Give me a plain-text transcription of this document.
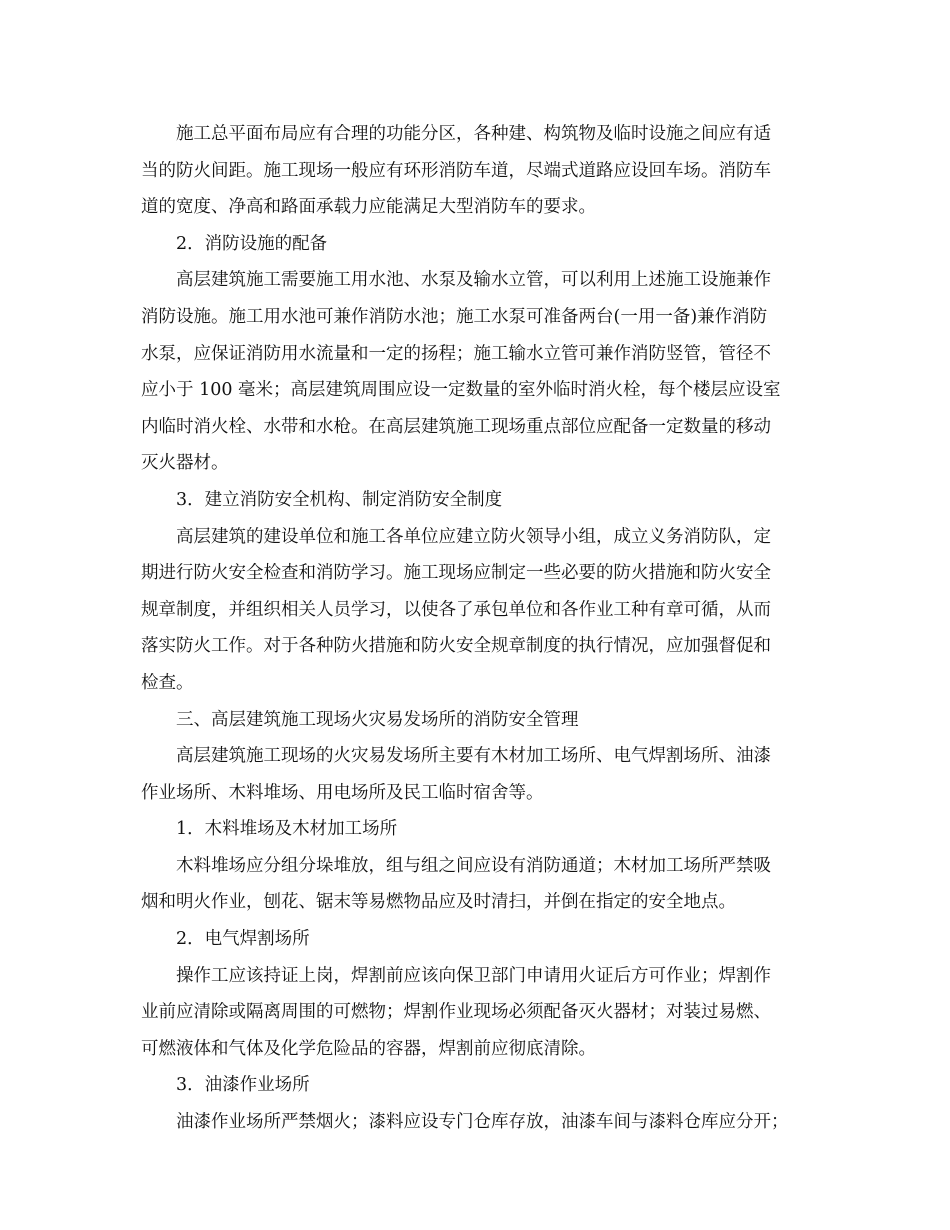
施工总平面布局应有合理的功能分区，各种建、构筑物及临时设施之间应有适
当的防火间距。施工现场一般应有环形消防车道，尽端式道路应设回车场。消防车
道的宽度、净高和路面承载力应能满足大型消防车的要求。

2．消防设施的配备

高层建筑施工需要施工用水池、水泵及输水立管，可以利用上述施工设施兼作
消防设施。施工用水池可兼作消防水池；施工水泵可准备两台(一用一备)兼作消防
水泵，应保证消防用水流量和一定的扬程；施工输水立管可兼作消防竖管，管径不
应小于 100 毫米；高层建筑周围应设一定数量的室外临时消火栓，每个楼层应设室
内临时消火栓、水带和水枪。在高层建筑施工现场重点部位应配备一定数量的移动
灭火器材。

3．建立消防安全机构、制定消防安全制度

高层建筑的建设单位和施工各单位应建立防火领导小组，成立义务消防队，定
期进行防火安全检查和消防学习。施工现场应制定一些必要的防火措施和防火安全
规章制度，并组织相关人员学习，以使各了承包单位和各作业工种有章可循，从而
落实防火工作。对于各种防火措施和防火安全规章制度的执行情况，应加强督促和
检查。

三、高层建筑施工现场火灾易发场所的消防安全管理

高层建筑施工现场的火灾易发场所主要有木材加工场所、电气焊割场所、油漆
作业场所、木料堆场、用电场所及民工临时宿舍等。

1．木料堆场及木材加工场所

木料堆场应分组分垛堆放，组与组之间应设有消防通道；木材加工场所严禁吸
烟和明火作业，刨花、锯末等易燃物品应及时清扫，并倒在指定的安全地点。

2．电气焊割场所

操作工应该持证上岗，焊割前应该向保卫部门申请用火证后方可作业；焊割作
业前应清除或隔离周围的可燃物；焊割作业现场必须配备灭火器材；对装过易燃、
可燃液体和气体及化学危险品的容器，焊割前应彻底清除。

3．油漆作业场所

油漆作业场所严禁烟火；漆料应设专门仓库存放，油漆车间与漆料仓库应分开；
